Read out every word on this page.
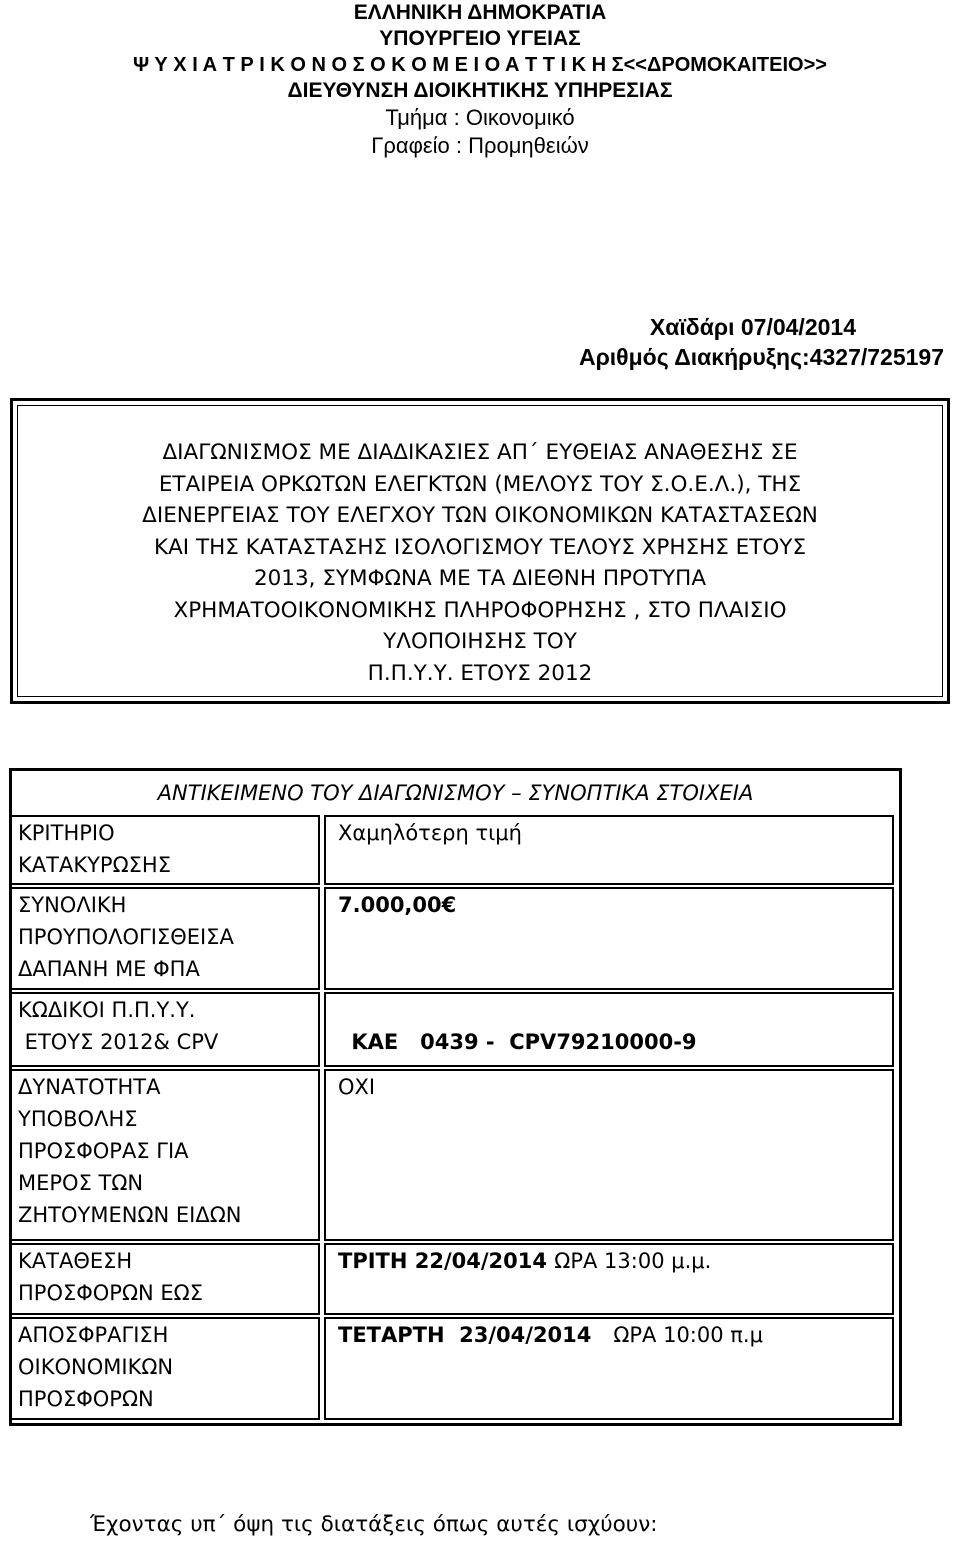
ΕΛΛΗΝΙΚΗ ΔΗΜΟΚΡΑΤΙΑ
ΥΠΟΥΡΓΕΙΟ ΥΓΕΙΑΣ
Ψ Υ Χ Ι Α Τ Ρ Ι Κ Ο Ν Ο Σ Ο Κ Ο Μ Ε Ι Ο Α Τ Τ Ι Κ Η Σ<<ΔΡΟΜΟΚΑΙΤΕΙΟ>>
ΔΙΕΥΘΥΝΣΗ ΔΙΟΙΚΗΤΙΚΗΣ ΥΠΗΡΕΣΙΑΣ
Τμήμα : Οικονομικό
Γραφείο : Προμηθειών
Χαϊδάρι 07/04/2014
Αριθμός Διακήρυξης:4327/725197
ΔΙΑΓΩΝΙΣΜΟΣ ΜΕ ΔΙΑΔΙΚΑΣΙΕΣ ΑΠ΄ ΕΥΘΕΙΑΣ ΑΝΑΘΕΣΗΣ ΣΕ
ΕΤΑΙΡΕΙΑ ΟΡΚΩΤΩΝ ΕΛΕΓΚΤΩΝ (ΜΕΛΟΥΣ ΤΟΥ Σ.Ο.Ε.Λ.), ΤΗΣ
ΔΙΕΝΕΡΓΕΙΑΣ ΤΟΥ ΕΛΕΓΧΟΥ ΤΩΝ ΟΙΚΟΝΟΜΙΚΩΝ ΚΑΤΑΣΤΑΣΕΩΝ
ΚΑΙ ΤΗΣ ΚΑΤΑΣΤΑΣΗΣ ΙΣΟΛΟΓΙΣΜΟΥ ΤΕΛΟΥΣ ΧΡΗΣΗΣ ΕΤΟΥΣ
2013, ΣΥΜΦΩΝΑ ΜΕ ΤΑ ΔΙΕΘΝΗ ΠΡΟΤΥΠΑ
ΧΡΗΜΑΤΟΟΙΚΟΝΟΜΙΚΗΣ ΠΛΗΡΟΦΟΡΗΣΗΣ , ΣΤΟ ΠΛΑΙΣΙΟ
ΥΛΟΠΟΙΗΣΗΣ ΤΟΥ
Π.Π.Υ.Υ. ΕΤΟΥΣ 2012
ΑΝΤΙΚΕΙΜΕΝΟ ΤΟΥ ΔΙΑΓΩΝΙΣΜΟΥ – ΣΥΝΟΠΤΙΚΑ ΣΤΟΙΧΕΙΑ
ΚΡΙΤΗΡΙΟ
ΚΑΤΑΚΥΡΩΣΗΣ
Χαμηλότερη τιμή
ΣΥΝΟΛΙΚΗ
ΠΡΟΥΠΟΛΟΓΙΣΘΕΙΣΑ
ΔΑΠΑΝΗ ΜΕ ΦΠΑ
7.000,00€
ΚΩΔΙΚΟΙ Π.Π.Υ.Υ.
ΕΤΟΥΣ 2012& CPV	ΚΑΕ   0439 -  CPV79210000-9

ΔΥΝΑΤΟΤΗΤΑ
ΥΠΟΒΟΛΗΣ
ΠΡΟΣΦΟΡΑΣ ΓΙΑ
ΜΕΡΟΣ ΤΩΝ
ΖΗΤΟΥΜΕΝΩΝ ΕΙΔΩΝ
ΟΧΙ
ΚΑΤΑΘΕΣΗ
ΠΡΟΣΦΟΡΩΝ ΕΩΣ
ΤΡΙΤΗ 22/04/2014 ΩΡΑ 13:00 μ.μ.
ΑΠΟΣΦΡΑΓΙΣΗ
ΟΙΚΟΝΟΜΙΚΩΝ
ΠΡΟΣΦΟΡΩΝ
ΤΕΤΑΡΤΗ  23/04/2014   ΩΡΑ 10:00 π.μ
Έχοντας υπ΄ όψη τις διατάξεις όπως αυτές ισχύουν:
